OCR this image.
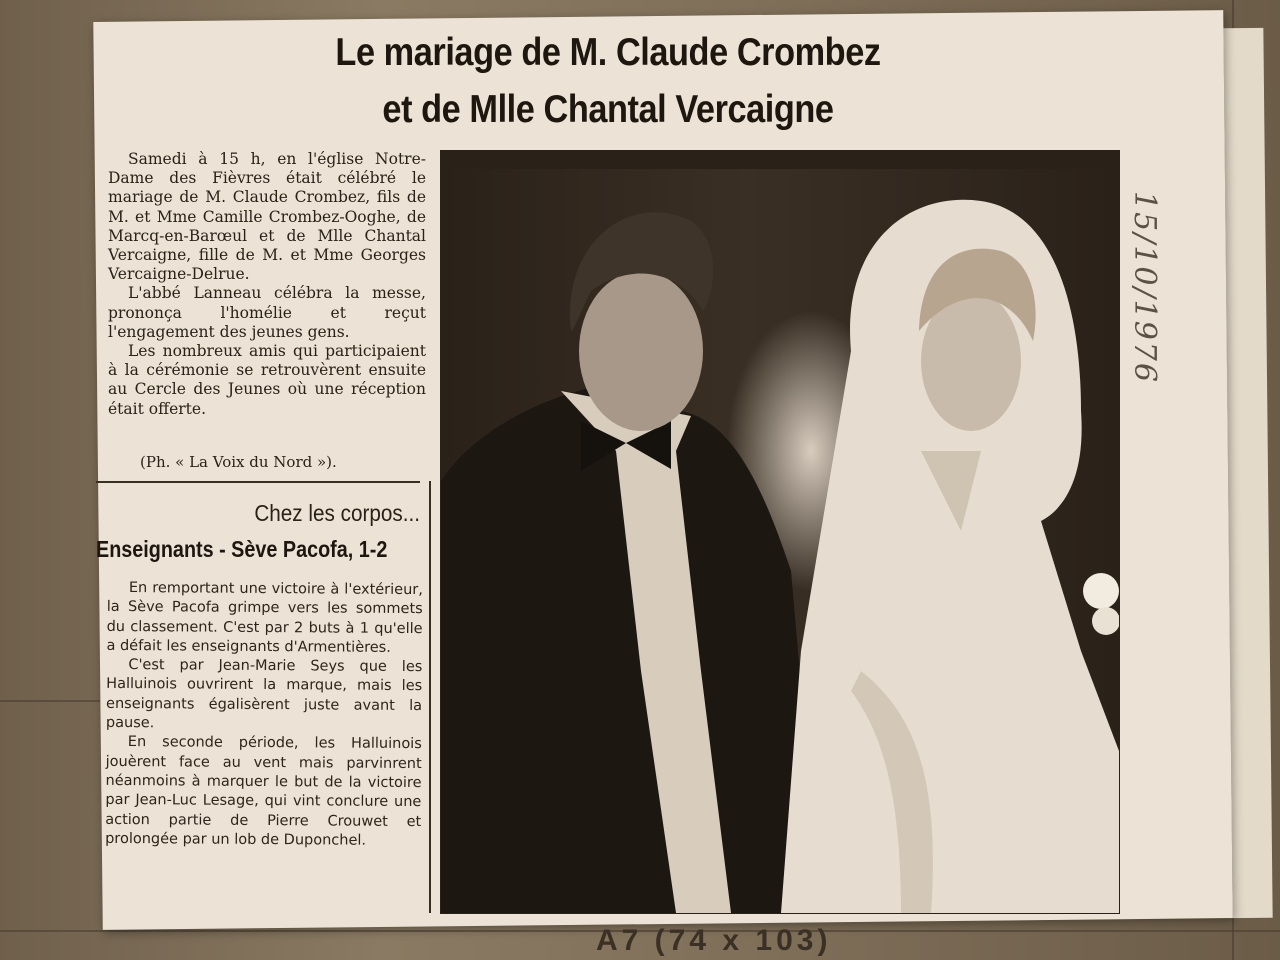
Le mariage de M. Claude Crombez
et de Mlle Chantal Vercaigne

Samedi à 15 h, en l'église Notre-Dame des Fièvres était célébré le mariage de M. Claude Crombez, fils de M. et Mme Camille Crombez-Ooghe, de Marcq-en-Barœul et de Mlle Chantal Vercaigne, fille de M. et Mme Georges Vercaigne-Delrue.

L'abbé Lanneau célébra la messe, prononça l'homélie et reçut l'engagement des jeunes gens.

Les nombreux amis qui participaient à la cérémonie se retrouvèrent ensuite au Cercle des Jeunes où une réception était offerte.

(Ph. « La Voix du Nord »).
Chez les corpos...
Enseignants - Sève Pacofa, 1-2

En remportant une victoire à l'extérieur, la Sève Pacofa grimpe vers les sommets du classement. C'est par 2 buts à 1 qu'elle a défait les enseignants d'Armentières.

C'est par Jean-Marie Seys que les Halluinois ouvrirent la marque, mais les enseignants égalisèrent juste avant la pause.

En seconde période, les Halluinois jouèrent face au vent mais parvinrent néanmoins à marquer le but de la victoire par Jean-Luc Lesage, qui vint conclure une action partie de Pierre Crouwet et prolongée par un lob de Duponchel.

15/10/1976
A7 (74 x 103)
